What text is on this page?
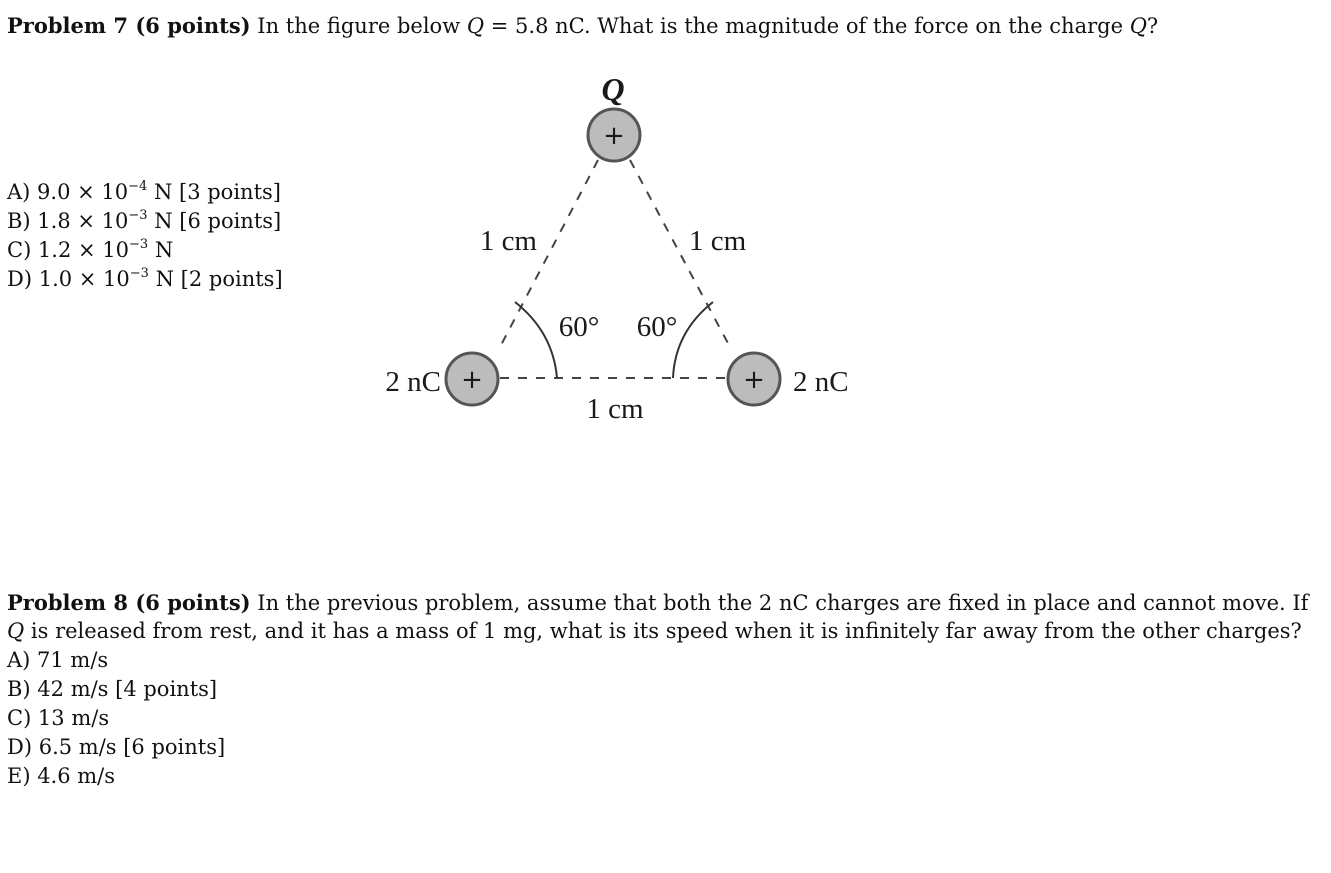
Problem 7 (6 points) In the figure below Q = 5.8 nC. What is the magnitude of the force on the charge Q?
A) $9.0 \times 10^{-4}$ N [3 points]
B) $1.8 \times 10^{-3}$ N [6 points]
C) $1.2 \times 10^{-3}$ N
D) $1.0 \times 10^{-3}$ N [2 points]
Q
+
+
2 nC	+ 2 nC
1 cm	1 cm
1 cm
60° 60°
Problem 8 (6 points) In the previous problem, assume that both the 2 nC charges are fixed in place and cannot move. If
Q is released from rest, and it has a mass of 1 mg, what is its speed when it is infinitely far away from the other charges?
A) 71 m/s
B) 42 m/s [4 points]
C) 13 m/s
D) 6.5 m/s [6 points]
E) 4.6 m/s
